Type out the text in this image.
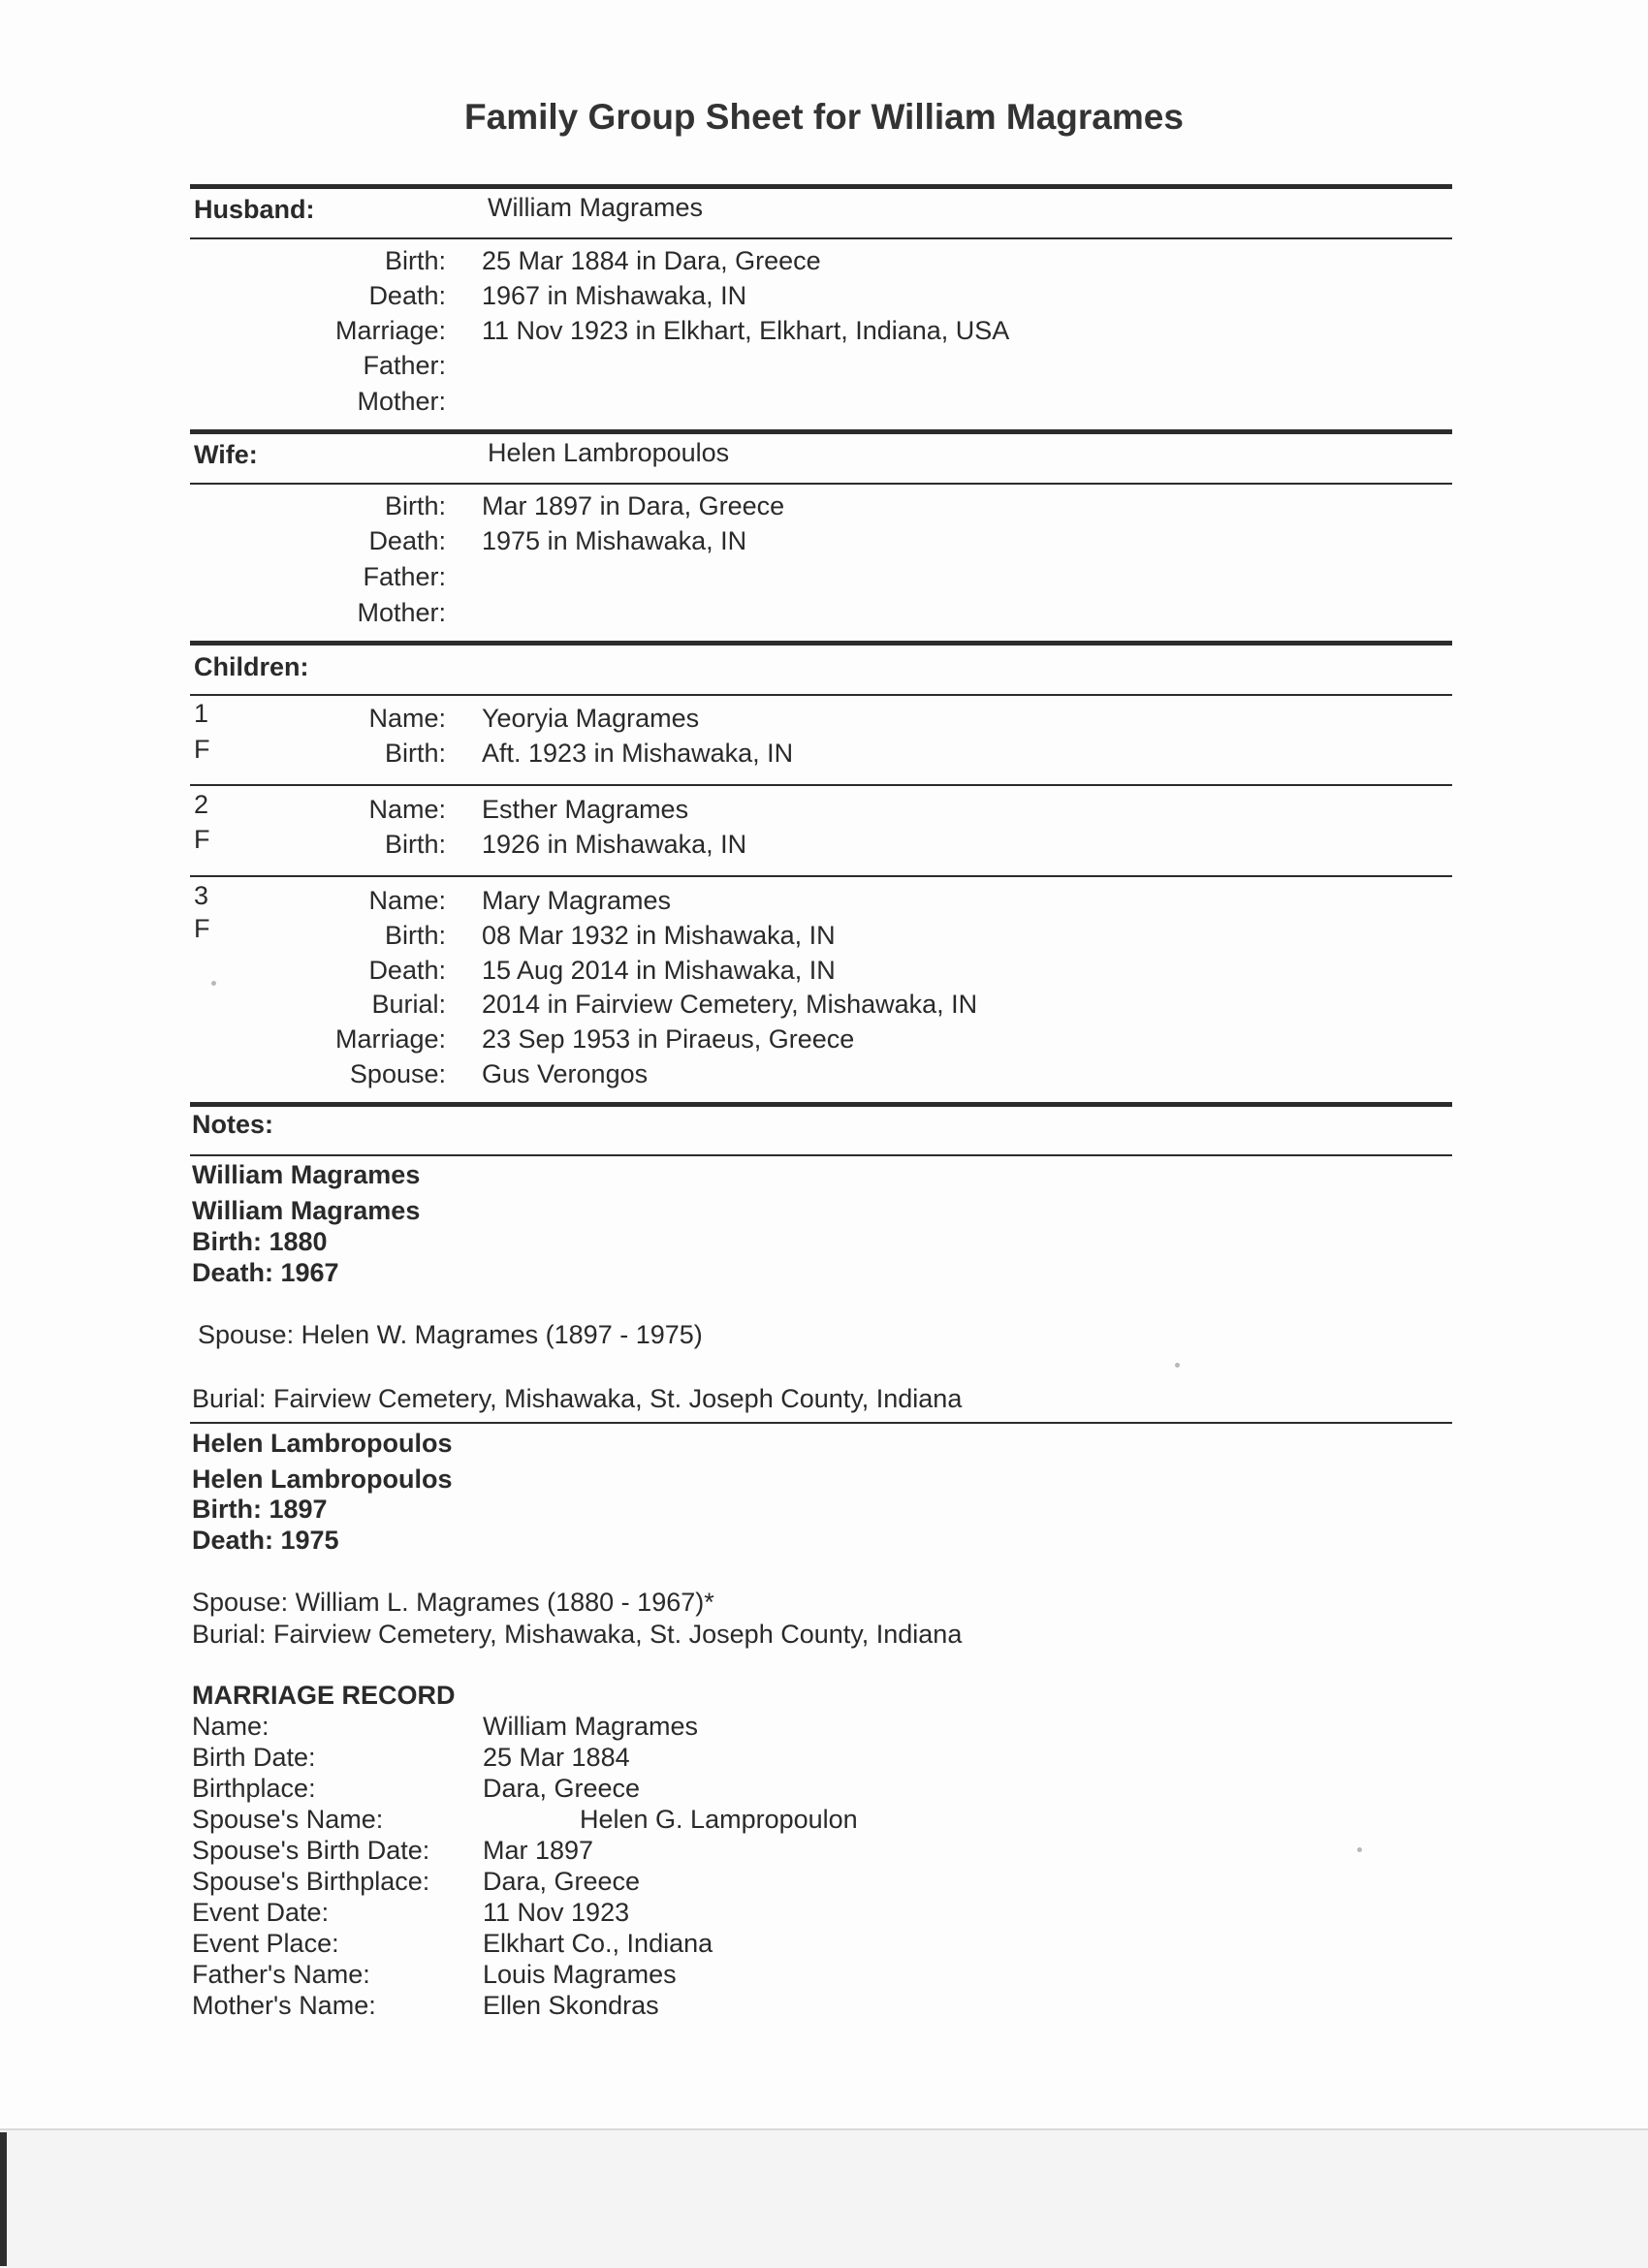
Family Group Sheet for William Magrames
Husband:	William Magrames
Birth: 25 Mar 1884 in Dara, Greece
Death: 1967 in Mishawaka, IN
Marriage: 11 Nov 1923 in Elkhart, Elkhart, Indiana, USA
Father:
Mother:
Wife:	Helen Lambropoulos
Birth: Mar 1897 in Dara, Greece
Death: 1975 in Mishawaka, IN
Father:
Mother:
Children:
1
F
Name: Yeoryia Magrames
Birth: Aft. 1923 in Mishawaka, IN
2
F
Name: Esther Magrames
Birth: 1926 in Mishawaka, IN
3
F
Name: Mary Magrames
Birth: 08 Mar 1932 in Mishawaka, IN
Death: 15 Aug 2014 in Mishawaka, IN
Burial: 2014 in Fairview Cemetery, Mishawaka, IN
Marriage: 23 Sep 1953 in Piraeus, Greece
Spouse: Gus Verongos
Notes:
William Magrames
William Magrames
Birth: 1880
Death: 1967
Spouse: Helen W. Magrames (1897 - 1975)
Burial: Fairview Cemetery, Mishawaka, St. Joseph County, Indiana
Helen Lambropoulos
Helen Lambropoulos
Birth: 1897
Death: 1975
Spouse: William L. Magrames (1880 - 1967)*
Burial: Fairview Cemetery, Mishawaka, St. Joseph County, Indiana
MARRIAGE RECORD
Name:	William Magrames
Birth Date:	25 Mar 1884
Birthplace:	Dara, Greece
Spouse's Name:	Helen G. Lampropoulon
Spouse's Birth Date: Mar 1897
Spouse's Birthplace: Dara, Greece
Event Date:	11 Nov 1923
Event Place:	Elkhart Co., Indiana
Father's Name:	Louis Magrames
Mother's Name:	Ellen Skondras
